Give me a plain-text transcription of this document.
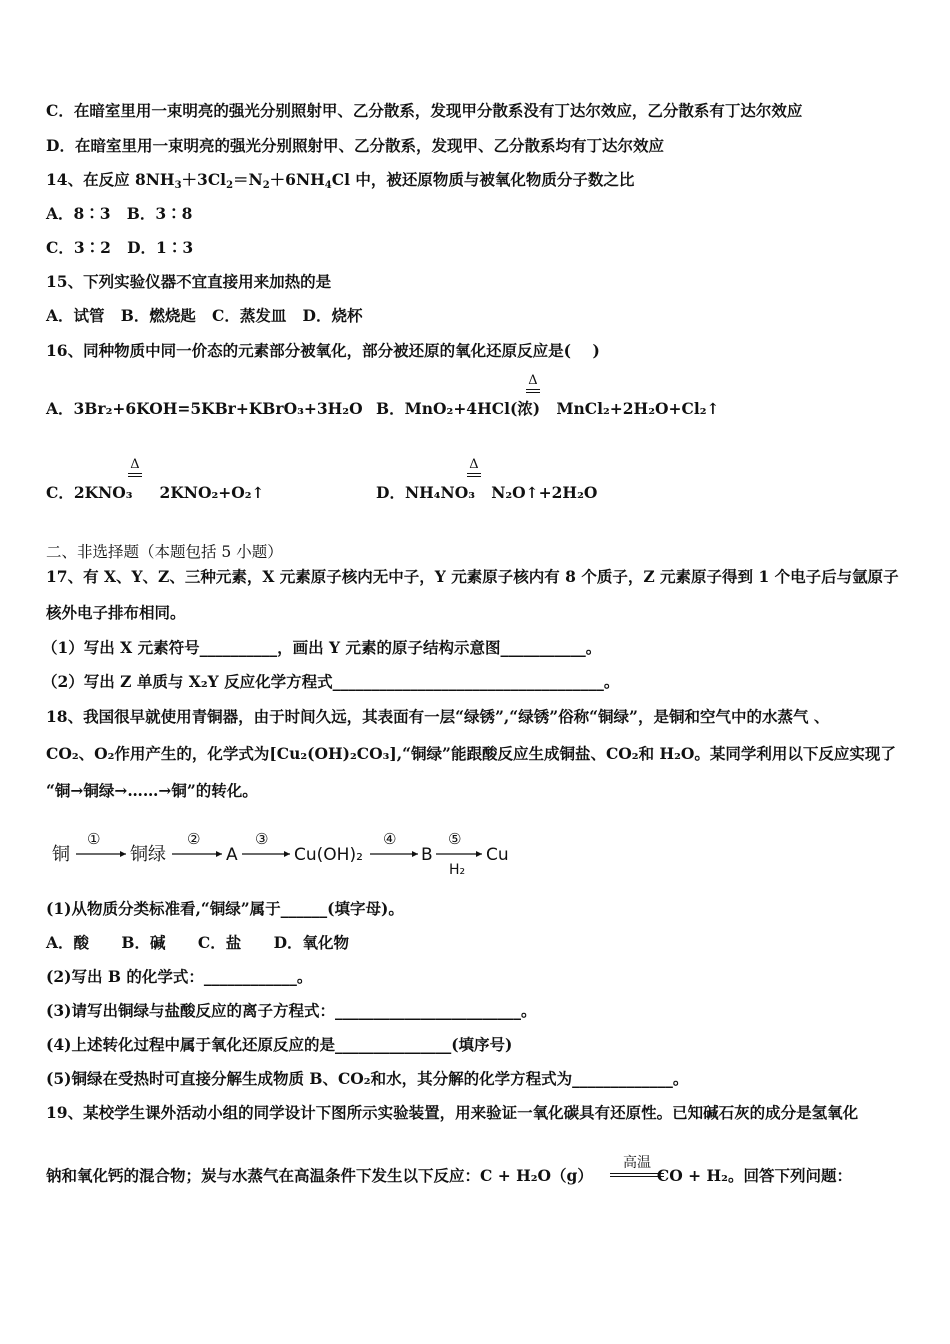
C．在暗室里用一束明亮的强光分别照射甲、乙分散系，发现甲分散系没有丁达尔效应，乙分散系有丁达尔效应
D．在暗室里用一束明亮的强光分别照射甲、乙分散系，发现甲、乙分散系均有丁达尔效应
14、在反应 $8NH_3+3Cl_2=N_2+6NH_4Cl$ 中，被还原物质与被氧化物质分子数之比
A．8∶3   B．3∶8
C．3∶2   D．1∶3
15、下列实验仪器不宜直接用来加热的是
A．试管   B．燃烧匙   C．蒸发皿   D．烧杯
16、同种物质中同一价态的元素部分被氧化，部分被还原的氧化还原反应是(    )
A．3Br₂+6KOH=5KBr+KBrO₃+3H₂O B．MnO₂+4HCl(浓) MnCl₂+2H₂O+Cl₂↑
Δ
C．2KNO₃ 2KNO₂+O₂↑
Δ
D．NH₄NO₃ N₂O↑+2H₂O
Δ
二、非选择题（本题包括 5 小题）
17、有 X、Y、Z、三种元素，X 元素原子核内无中子，Y 元素原子核内有 8 个质子，Z 元素原子得到 1 个电子后与氩原子
核外电子排布相同。
（1）写出 X 元素符号__________，画出 Y 元素的原子结构示意图___________。
（2）写出 Z 单质与 X₂Y 反应化学方程式___________________________________。
18、我国很早就使用青铜器，由于时间久远，其表面有一层“绿锈”,“绿锈”俗称“铜绿”，是铜和空气中的水蒸气 、
CO₂、O₂作用产生的，化学式为[Cu₂(OH)₂CO₃],“铜绿”能跟酸反应生成铜盐、CO₂和 H₂O。某同学利用以下反应实现了
“铜→铜绿→……→铜”的转化。
铜
①
铜绿
②
A
③
Cu(OH)₂
④
B
⑤
H₂
Cu
(1)从物质分类标准看,“铜绿”属于______(填字母)。
A．酸      B．碱      C．盐      D．氧化物
(2)写出 B 的化学式：____________。
(3)请写出铜绿与盐酸反应的离子方程式：________________________。
(4)上述转化过程中属于氧化还原反应的是_______________(填序号)
(5)铜绿在受热时可直接分解生成物质 B、CO₂和水，其分解的化学方程式为_____________。
19、某校学生课外活动小组的同学设计下图所示实验装置，用来验证一氧化碳具有还原性。已知碱石灰的成分是氢氧化
钠和氧化钙的混合物；炭与水蒸气在高温条件下发生以下反应：C + H₂O（g）	CO + H₂。回答下列问题：
高温
